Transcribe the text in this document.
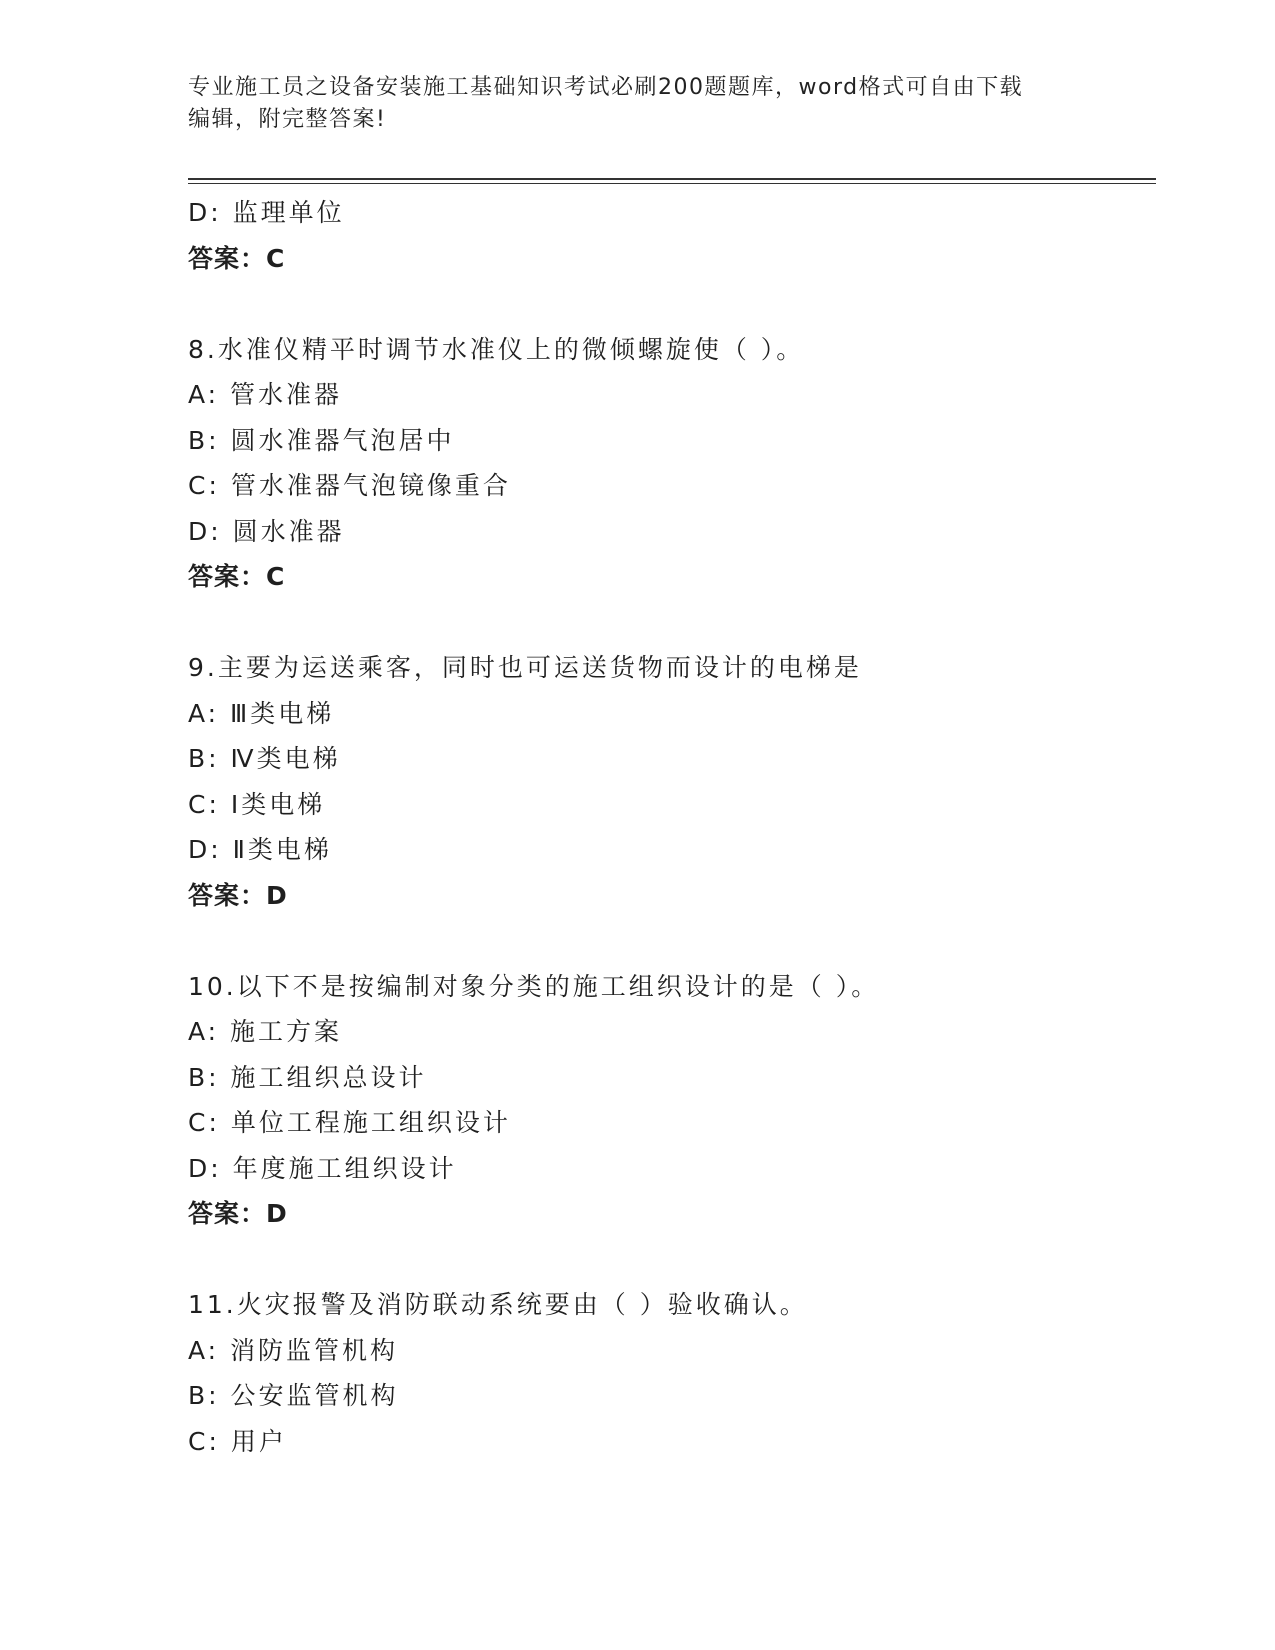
专业施工员之设备安装施工基础知识考试必刷200题题库，word格式可自由下载
编辑，附完整答案!
D: 监理单位
答案：C
8.水准仪精平时调节水准仪上的微倾螺旋使（ ）。
A: 管水准器
B: 圆水准器气泡居中
C: 管水准器气泡镜像重合
D: 圆水准器
答案：C
9.主要为运送乘客，同时也可运送货物而设计的电梯是
A: Ⅲ类电梯
B: Ⅳ类电梯
C: Ⅰ类电梯
D: Ⅱ类电梯
答案：D
10.以下不是按编制对象分类的施工组织设计的是（ ）。
A: 施工方案
B: 施工组织总设计
C: 单位工程施工组织设计
D: 年度施工组织设计
答案：D
11.火灾报警及消防联动系统要由（ ）验收确认。
A: 消防监管机构
B: 公安监管机构
C: 用户
